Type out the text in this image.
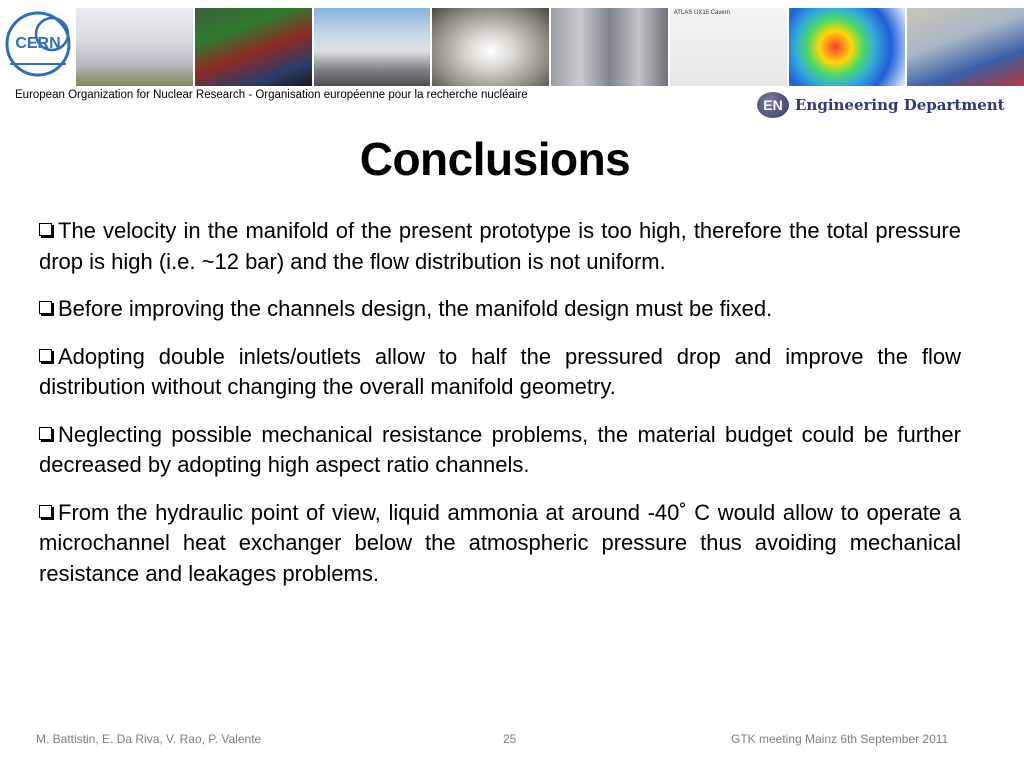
CERN
ATLAS UX15 Cavern
European Organization for Nuclear Research - Organisation européenne pour la recherche nucléaire
EN Engineering Department
Conclusions

The velocity in the manifold of the present prototype is too high, therefore the total pressure drop is high (i.e. ~12 bar) and the flow distribution is not uniform.

Before improving the channels design, the manifold design must be fixed.

Adopting double inlets/outlets allow to half the pressured drop and improve the flow distribution without changing the overall manifold geometry.

Neglecting possible mechanical resistance problems, the material budget could be further decreased by adopting high aspect ratio channels.

From the hydraulic point of view, liquid ammonia at around -40˚ C would allow to operate a microchannel heat exchanger below the atmospheric pressure thus avoiding mechanical resistance and leakages problems.

M. Battistin, E. Da Riva, V. Rao, P. Valente	25	GTK meeting Mainz 6th September 2011
